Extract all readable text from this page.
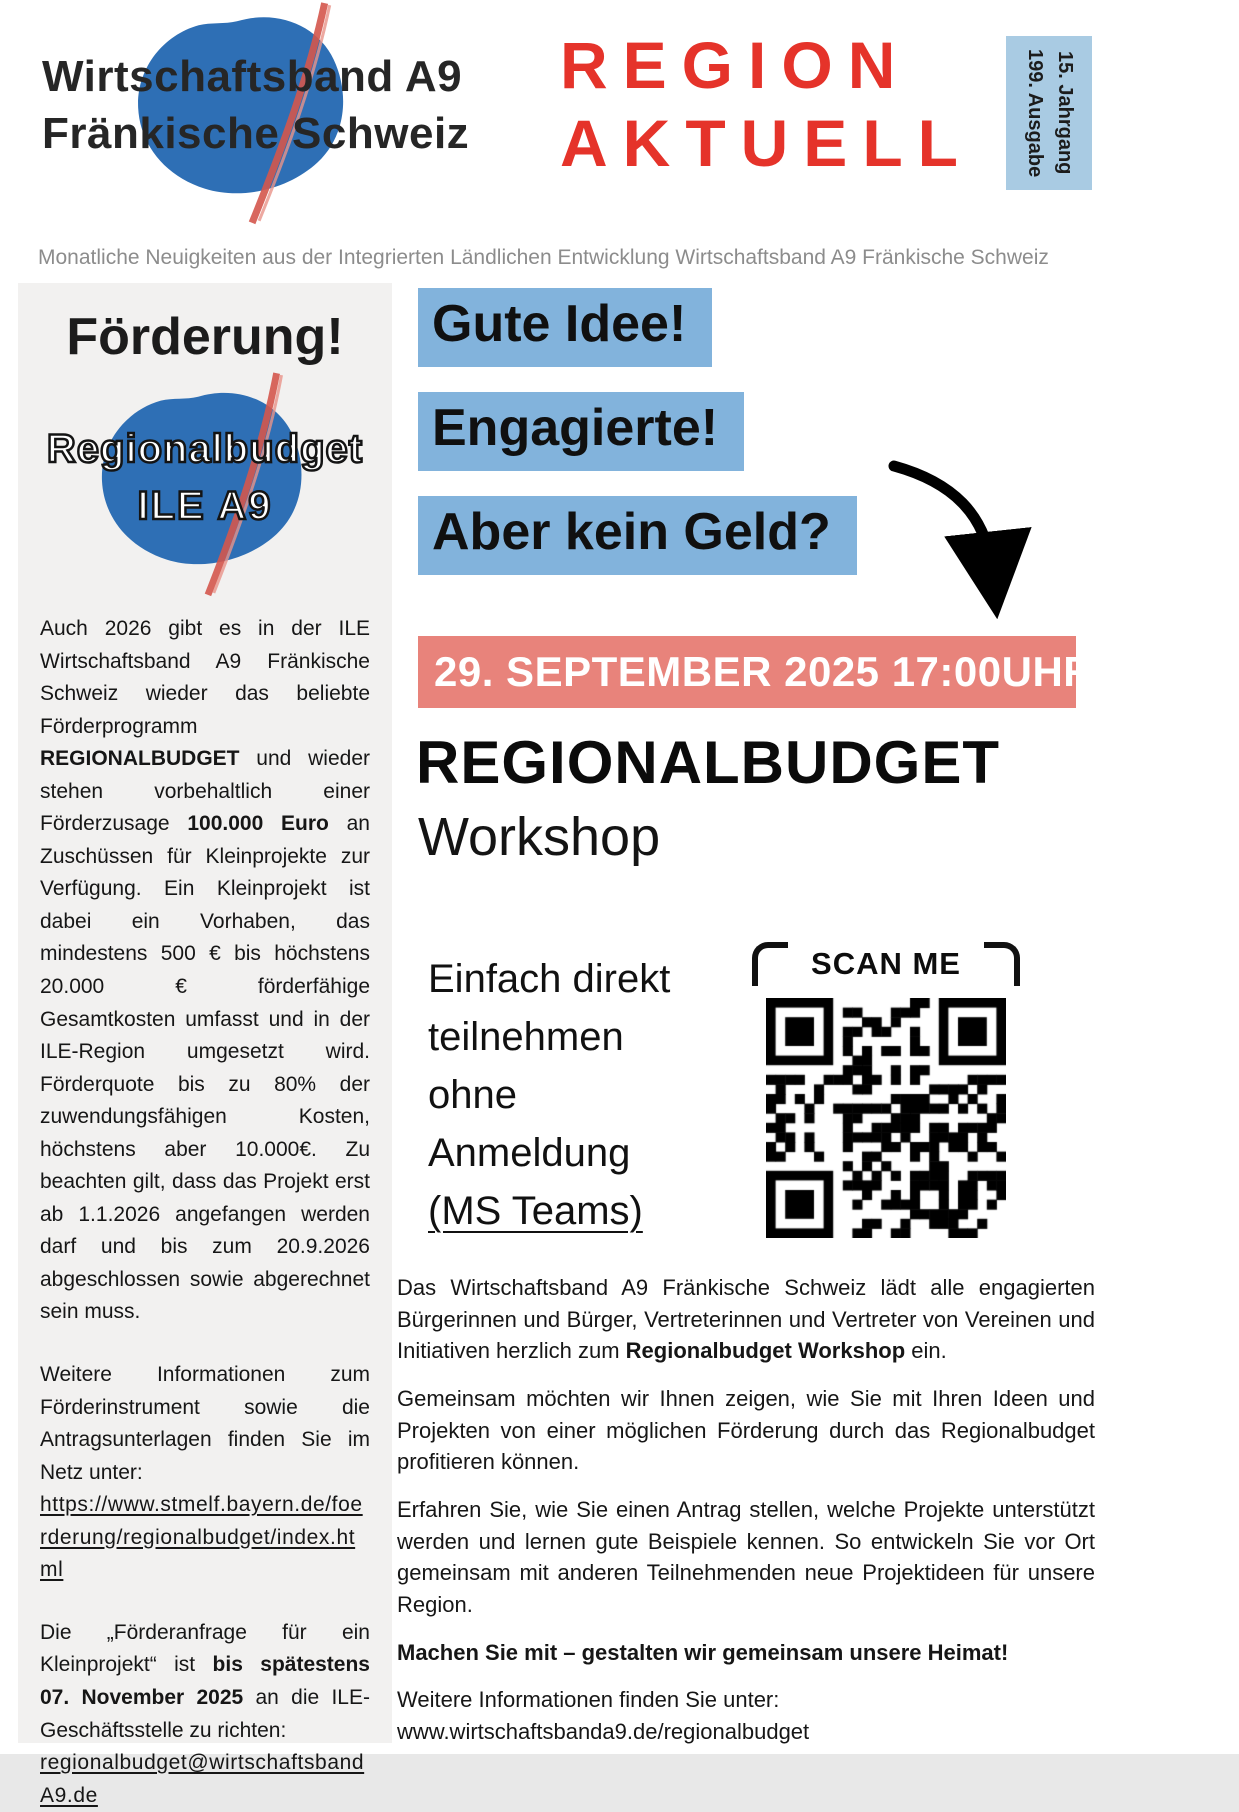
Wirtschaftsband A9
Fränkische Schweiz
REGION
AKTUELL	15. Jahrgang 199. Ausgabe
Monatliche Neuigkeiten aus der Integrierten Ländlichen Entwicklung Wirtschaftsband A9 Fränkische Schweiz
Förderung!
Regionalbudget
ILE A9

Auch 2026 gibt es in der ILE Wirtschaftsband A9 Fränkische Schweiz wieder das beliebte Förderprogramm REGIONALBUDGET und wieder stehen vorbehaltlich einer Förderzusage 100.000 Euro an Zuschüssen für Kleinprojekte zur Verfügung. Ein Kleinprojekt ist dabei ein Vorhaben, das mindestens 500 € bis höchstens 20.000 € förderfähige Gesamtkosten umfasst und in der ILE-Region umgesetzt wird. Förderquote bis zu 80% der zuwendungsfähigen Kosten, höchstens aber 10.000€. Zu beachten gilt, dass das Projekt erst ab 1.1.2026 angefangen werden darf und bis zum 20.9.2026 abgeschlossen sowie abgerechnet sein muss.

Weitere Informationen zum Förderinstrument sowie die Antragsunterlagen finden Sie im Netz unter:
https://www.stmelf.bayern.de/foerderung/regionalbudget/index.html

Die „Förderanfrage für ein Kleinprojekt“ ist bis spätestens 07. November 2025 an die ILE-Geschäftsstelle zu richten:
regionalbudget@wirtschaftsbandA9.de

Gute Idee!
Engagierte!
Aber kein Geld?
29. SEPTEMBER 2025 17:00UHR
REGIONALBUDGET
Workshop
Einfach direkt
teilnehmen
ohne
Anmeldung
(MS Teams)
SCAN ME

Das Wirtschaftsband A9 Fränkische Schweiz lädt alle engagierten Bürgerinnen und Bürger, Vertreterinnen und Vertreter von Vereinen und Initiativen herzlich zum Regionalbudget Workshop ein.

Gemeinsam möchten wir Ihnen zeigen, wie Sie mit Ihren Ideen und Projekten von einer möglichen Förderung durch das Regionalbudget profitieren können.

Erfahren Sie, wie Sie einen Antrag stellen, welche Projekte unterstützt werden und lernen gute Beispiele kennen. So entwickeln Sie vor Ort gemeinsam mit anderen Teilnehmenden neue Projektideen für unsere Region.

Machen Sie mit – gestalten wir gemeinsam unsere Heimat!

Weitere Informationen finden Sie unter:
www.wirtschaftsbanda9.de/regionalbudget
